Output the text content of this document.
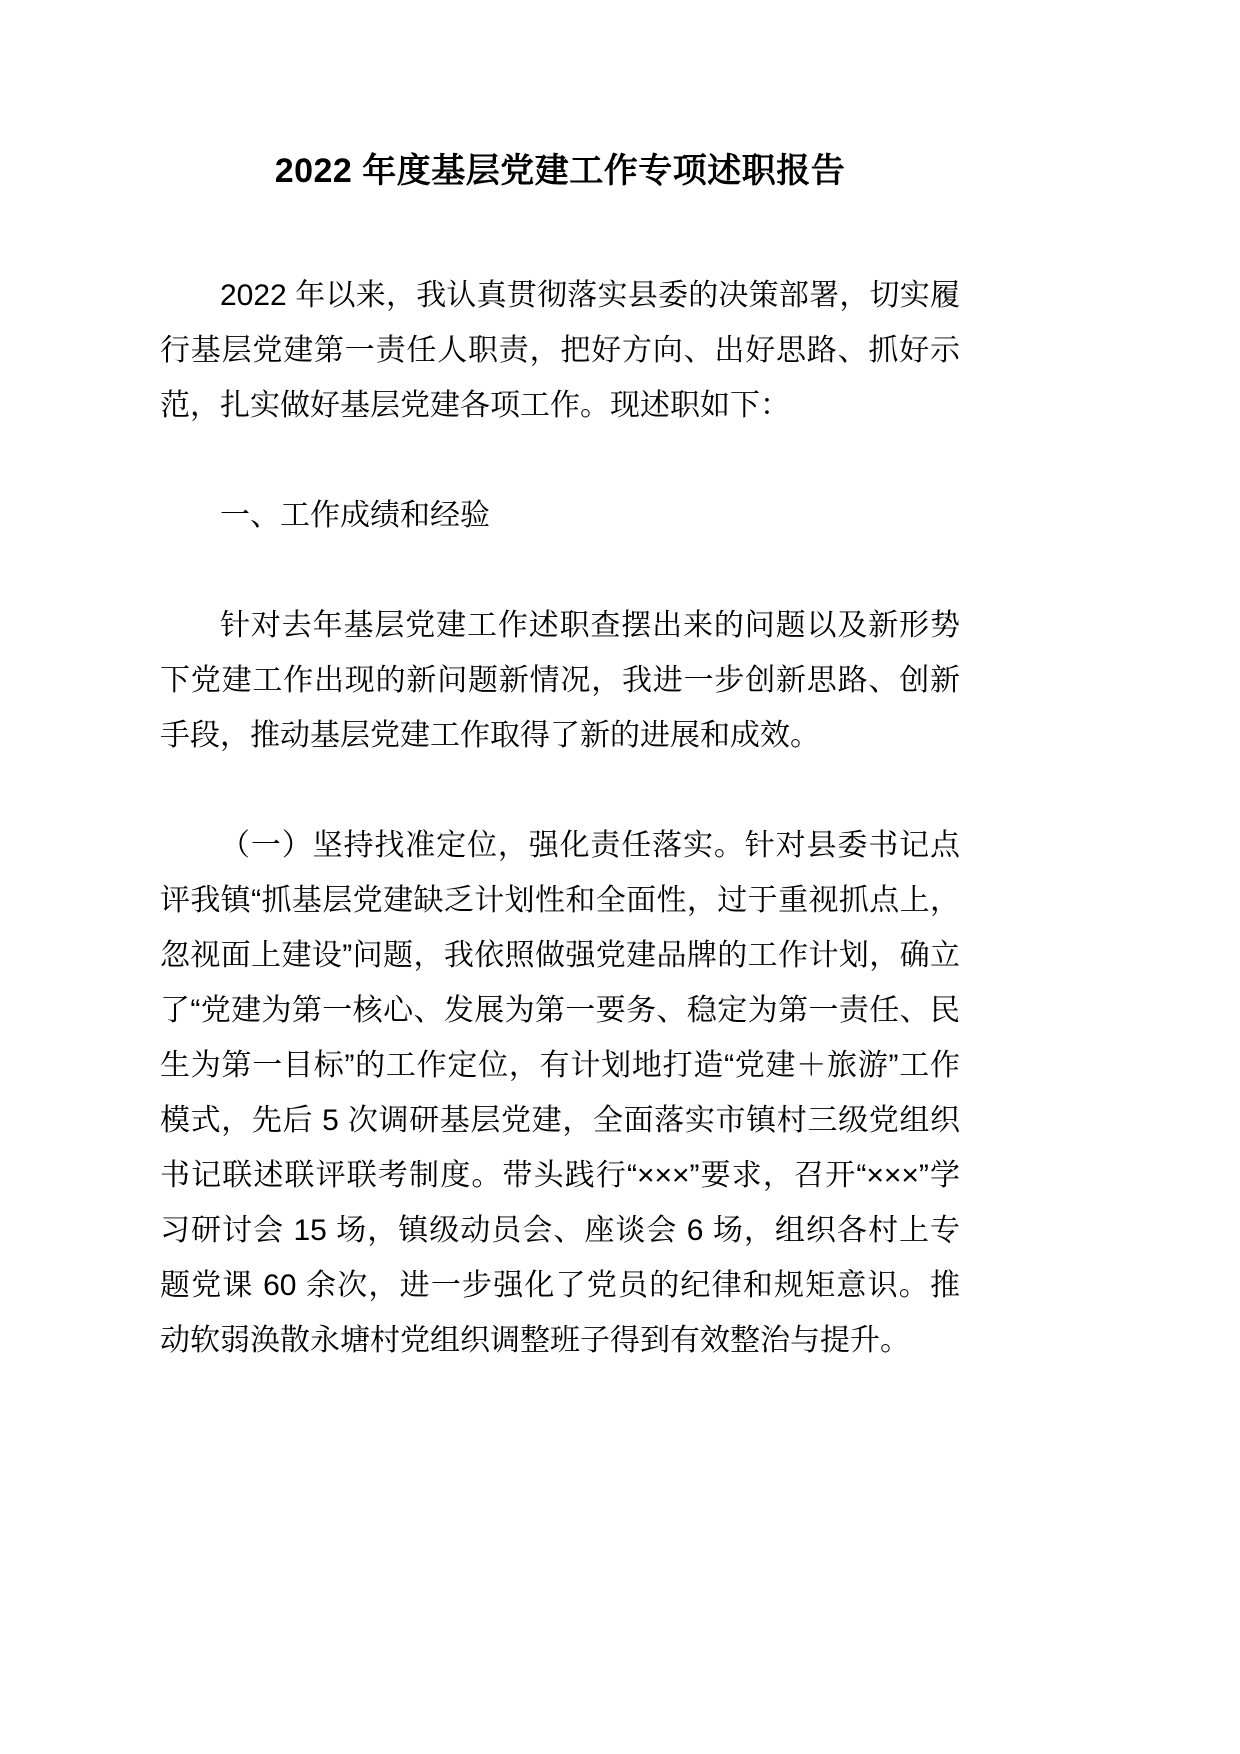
2022 年度基层党建工作专项述职报告

2022 年以来，我认真贯彻落实县委的决策部署，切实履行基层党建第一责任人职责，把好方向、出好思路、抓好示范，扎实做好基层党建各项工作。现述职如下：

一、工作成绩和经验

针对去年基层党建工作述职查摆出来的问题以及新形势下党建工作出现的新问题新情况，我进一步创新思路、创新手段，推动基层党建工作取得了新的进展和成效。

（一）坚持找准定位，强化责任落实。针对县委书记点评我镇“抓基层党建缺乏计划性和全面性，过于重视抓点上，忽视面上建设”问题，我依照做强党建品牌的工作计划，确立了“党建为第一核心、发展为第一要务、稳定为第一责任、民生为第一目标”的工作定位，有计划地打造“党建＋旅游”工作模式，先后 5 次调研基层党建，全面落实市镇村三级党组织书记联述联评联考制度。带头践行“×××”要求，召开“×××”学习研讨会 15 场，镇级动员会、座谈会 6 场，组织各村上专题党课 60 余次，进一步强化了党员的纪律和规矩意识。推动软弱涣散永塘村党组织调整班子得到有效整治与提升。
